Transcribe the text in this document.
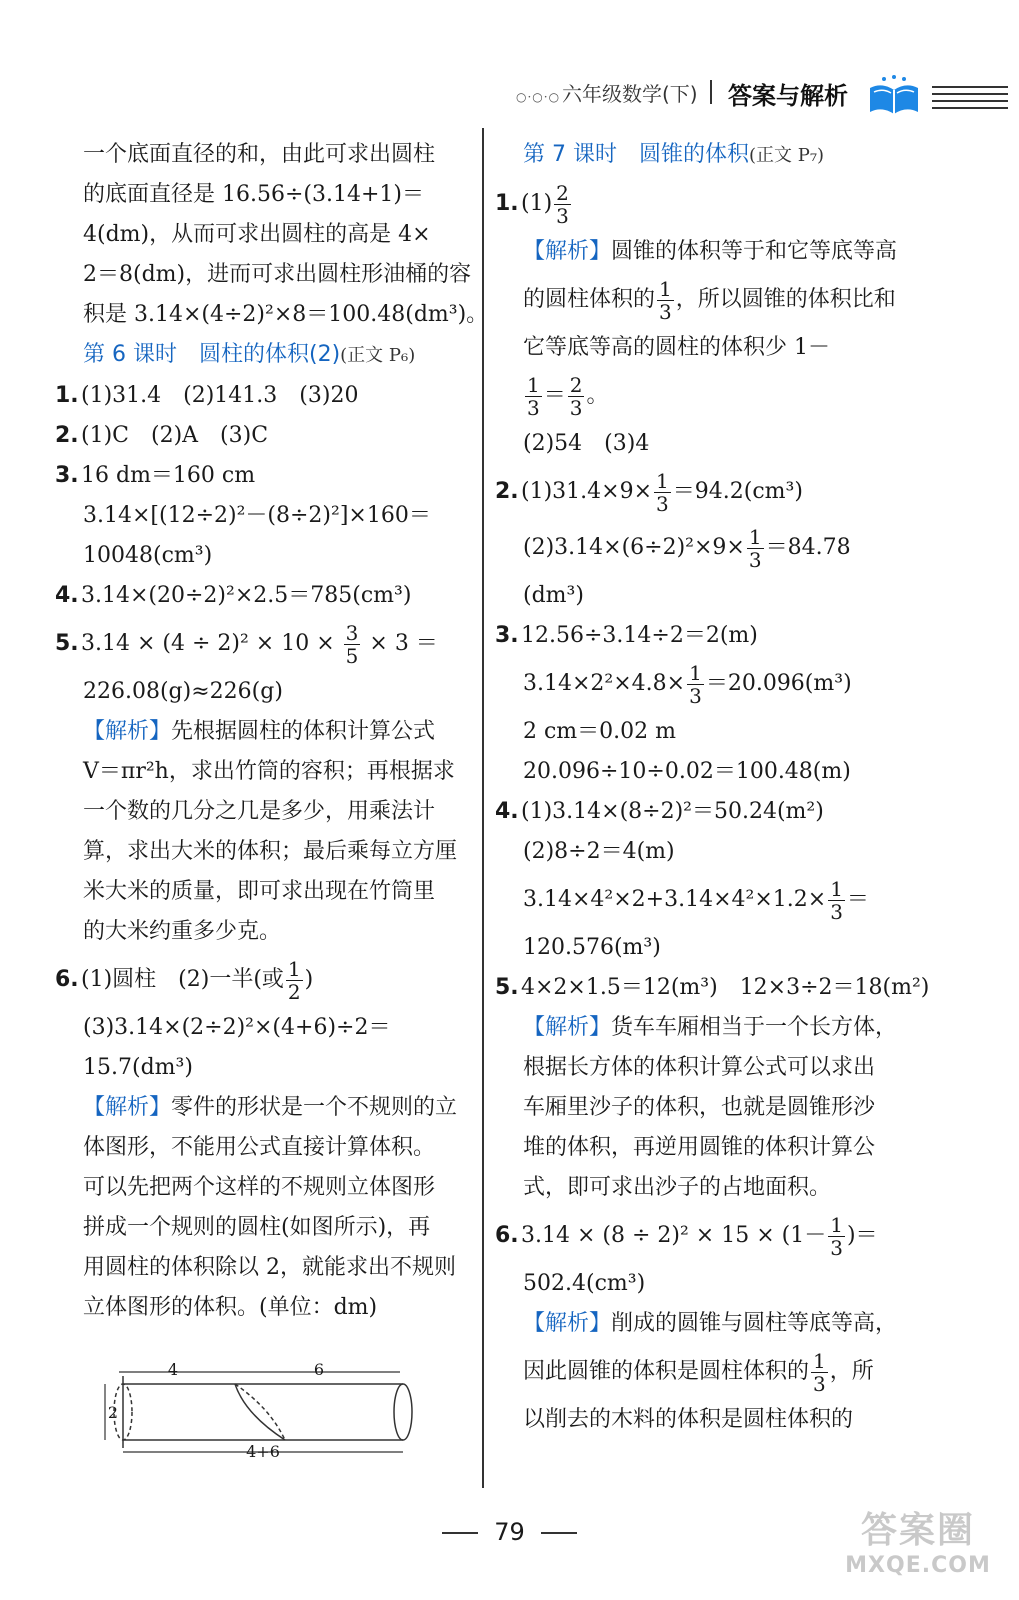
○·○·○ 六年级数学(下) 答案与解析
一个底面直径的和，由此可求出圆柱
的底面直径是 16.56÷(3.14+1)＝
4(dm)，从而可求出圆柱的高是 4×
2＝8(dm)，进而可求出圆柱形油桶的容
积是 3.14×(4÷2)²×8＝100.48(dm³)。
第 6 课时　圆柱的体积(2)(正文 P₆)
1. (1)31.4　(2)141.3　(3)20
2. (1)C　(2)A　(3)C
3. 16 dm＝160 cm
3.14×[(12÷2)²－(8÷2)²]×160＝
10048(cm³)
4. 3.14×(20÷2)²×2.5＝785(cm³)
5. $3.14 \times (4 \div 2)^2 \times 10 \times \frac{3}{5} \times 3$ ＝
226.08(g)≈226(g)
【解析】先根据圆柱的体积计算公式
V＝πr²h，求出竹筒的容积；再根据求
一个数的几分之几是多少，用乘法计
算，求出大米的体积；最后乘每立方厘
米大米的质量，即可求出现在竹筒里
的大米约重多少克。
6. (1)圆柱　(2)一半(或 $\frac{1}{2}$ )
(3)3.14×(2÷2)²×(4+6)÷2＝
15.7(dm³)
【解析】零件的形状是一个不规则的立
体图形，不能用公式直接计算体积。
可以先把两个这样的不规则立体图形
拼成一个规则的圆柱(如图所示)，再
用圆柱的体积除以 2，就能求出不规则
立体图形的体积。(单位：dm)
4	6
2
4+6
第 7 课时　圆锥的体积(正文 P₇)
1. $(1) \frac{2}{3}$
【解析】圆锥的体积等于和它等底等高
的圆柱体积的 $\frac{1}{3}$ ，所以圆锥的体积比和
它等底等高的圆柱的体积少 1－
$\frac{1}{3} = \frac{2}{3}$ 。
(2)54　(3)4
2. $(1)31.4\times 9\times \frac{1}{3} =94.2(cm^3)$
$(2)3.14\times(6\div 2)^2\times 9\times \frac{1}{3} =84.78$
(dm³)
3. 12.56÷3.14÷2＝2(m)
$3.14\times 2^2\times 4.8\times \frac{1}{3} =20.096(m^3)$
2 cm＝0.02 m
20.096÷10÷0.02＝100.48(m)
4. (1)3.14×(8÷2)²＝50.24(m²)
(2)8÷2＝4(m)
$3.14\times 4^2\times 2+3.14\times 4^2\times 1.2\times \frac{1}{3}$ ＝
120.576(m³)
5. 4×2×1.5＝12(m³)　12×3÷2＝18(m²)
【解析】货车车厢相当于一个长方体，
根据长方体的体积计算公式可以求出
车厢里沙子的体积，也就是圆锥形沙
堆的体积，再逆用圆锥的体积计算公
式，即可求出沙子的占地面积。
6. $3.14 \times (8 \div 2)^2 \times 15 \times (1- \frac{1}{3}$ )＝
502.4(cm³)
【解析】削成的圆锥与圆柱等底等高，
因此圆锥的体积是圆柱体积的 $\frac{1}{3}$ ，所
以削去的木料的体积是圆柱体积的
79	答案圈
MXQE.COM
